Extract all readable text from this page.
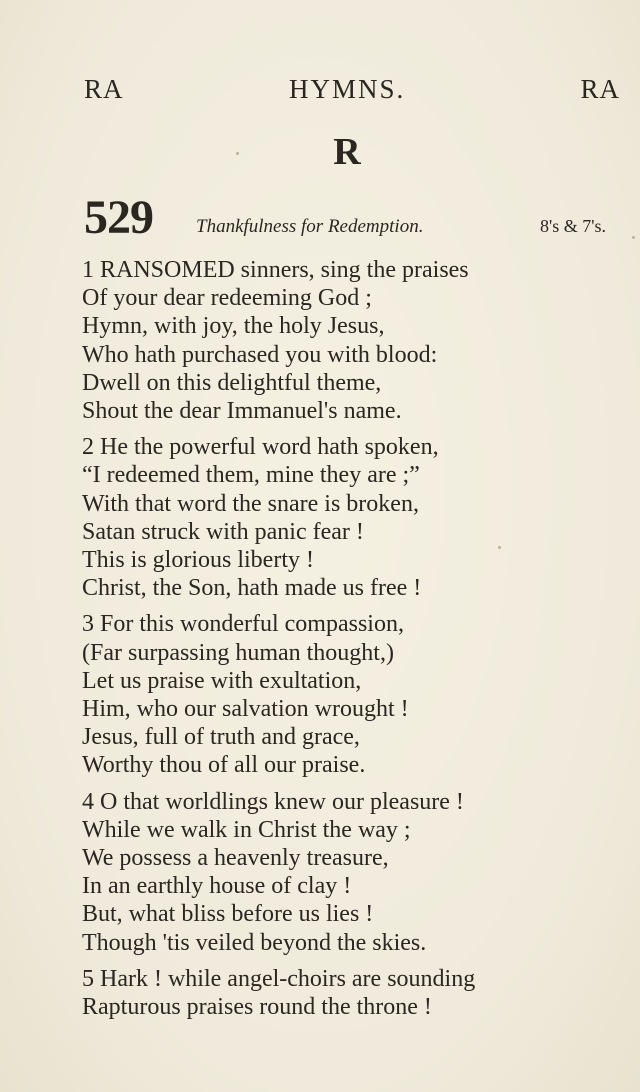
RA	HYMNS.	RA
R
529 Thankfulness for Redemption.	8's & 7's.
1 RANSOMED sinners, sing the praises
Of your dear redeeming God ;
Hymn, with joy, the holy Jesus,
Who hath purchased you with blood:
Dwell on this delightful theme,
Shout the dear Immanuel's name.
2 He the powerful word hath spoken,
“I redeemed them, mine they are ;”
With that word the snare is broken,
Satan struck with panic fear !
This is glorious liberty !
Christ, the Son, hath made us free !
3 For this wonderful compassion,
(Far surpassing human thought,)
Let us praise with exultation,
Him, who our salvation wrought !
Jesus, full of truth and grace,
Worthy thou of all our praise.
4 O that worldlings knew our pleasure !
While we walk in Christ the way ;
We possess a heavenly treasure,
In an earthly house of clay !
But, what bliss before us lies !
Though 'tis veiled beyond the skies.
5 Hark ! while angel-choirs are sounding
Rapturous praises round the throne !
